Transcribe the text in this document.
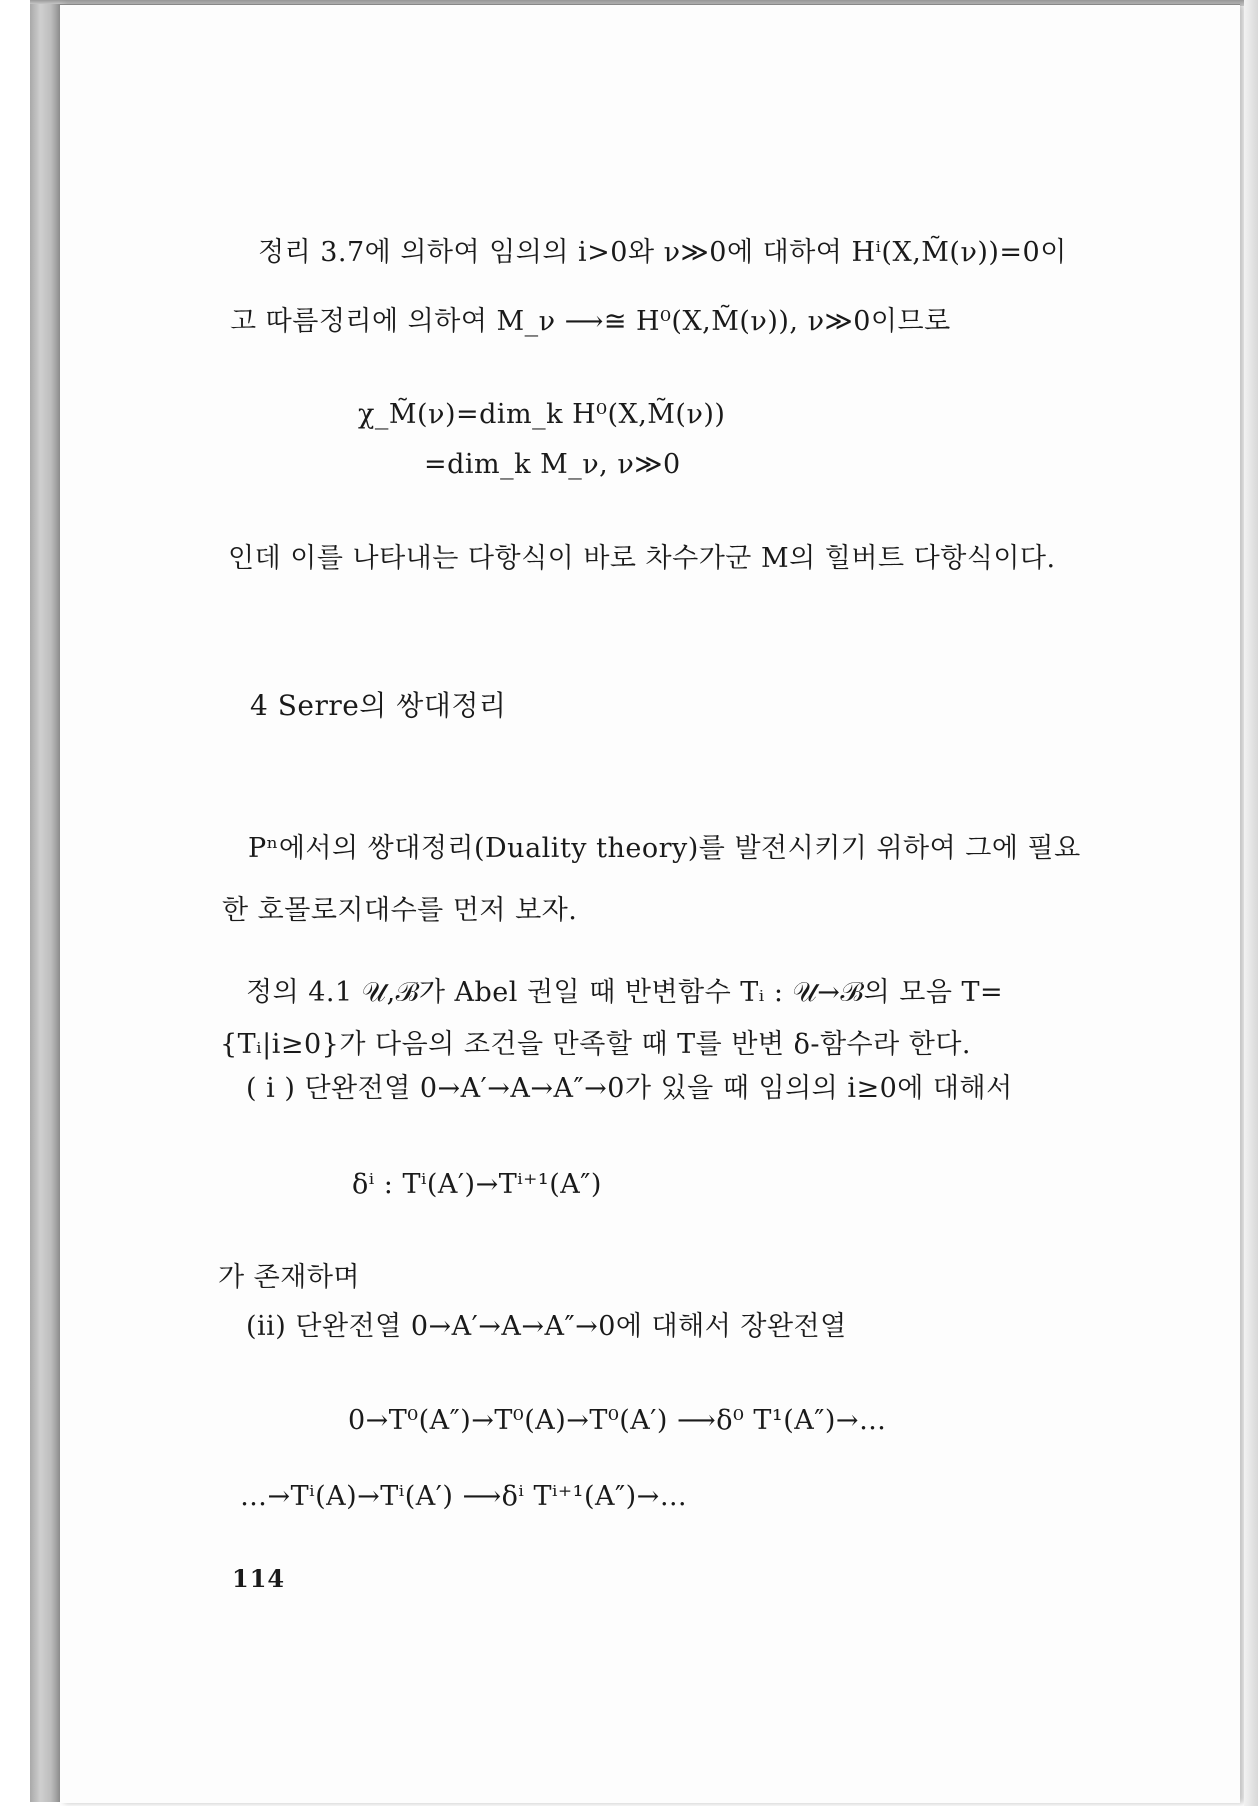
정리 3.7에 의하여 임의의 i>0와 ν≫0에 대하여 Hⁱ(X,M̃(ν))=0이
고 따름정리에 의하여 M_ν ⟶≅ H⁰(X,M̃(ν)), ν≫0이므로
χ_M̃(ν)=dim_k H⁰(X,M̃(ν))
=dim_k M_ν, ν≫0
인데 이를 나타내는 다항식이 바로 차수가군 M의 힐버트 다항식이다.
4 Serre의 쌍대정리
Pⁿ에서의 쌍대정리(Duality theory)를 발전시키기 위하여 그에 필요
한 호몰로지대수를 먼저 보자.
정의 4.1 𝒰,ℬ가 Abel 권일 때 반변함수 Tᵢ : 𝒰→ℬ의 모음 T=
{Tᵢ|i≥0}가 다음의 조건을 만족할 때 T를 반변 δ-함수라 한다.
( i ) 단완전열 0→A′→A→A″→0가 있을 때 임의의 i≥0에 대해서
δⁱ : Tⁱ(A′)→Tⁱ⁺¹(A″)
가 존재하며
(ii) 단완전열 0→A′→A→A″→0에 대해서 장완전열
0→T⁰(A″)→T⁰(A)→T⁰(A′) ⟶δ⁰ T¹(A″)→…
…→Tⁱ(A)→Tⁱ(A′) ⟶δⁱ Tⁱ⁺¹(A″)→…
114
